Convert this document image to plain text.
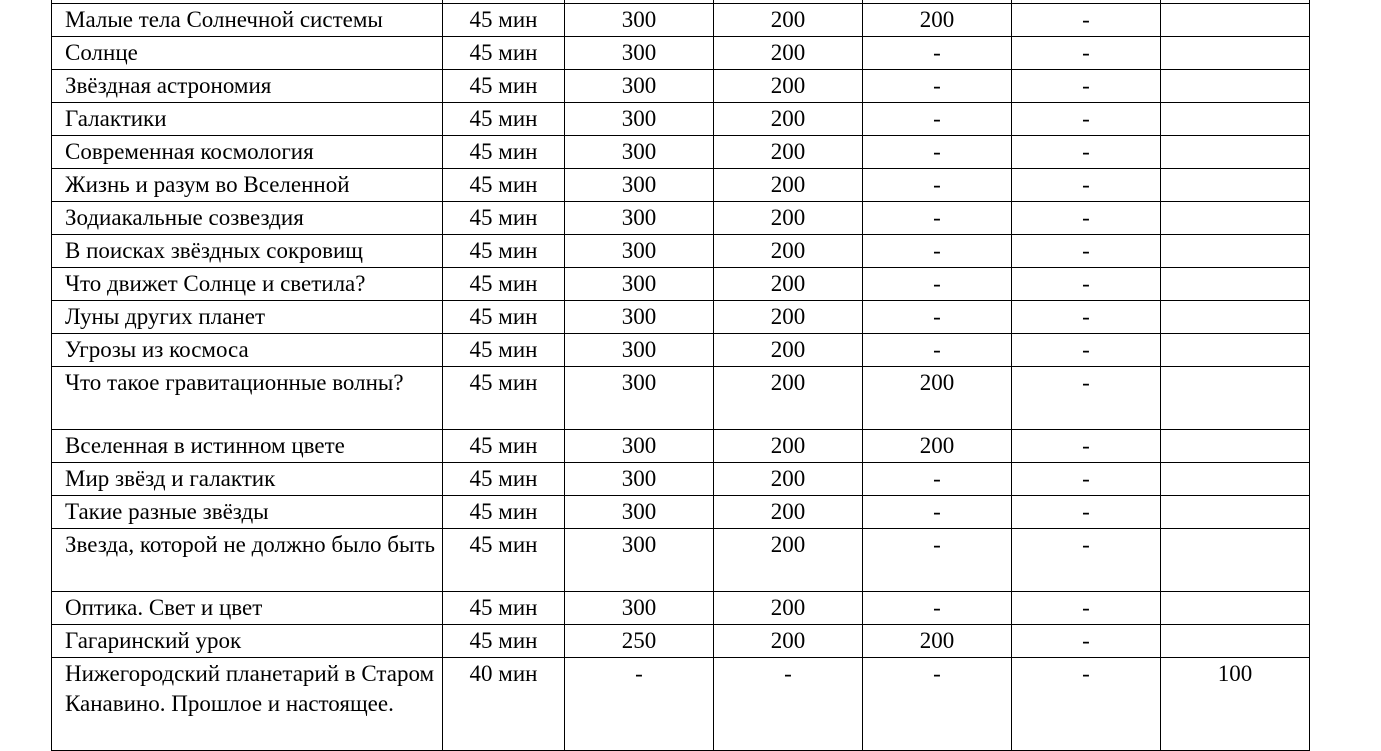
Малые тела Солнечной системы	45 мин	300	200	200	-	
Солнце	45 мин	300	200	-	-	
Звёздная астрономия	45 мин	300	200	-	-	
Галактики	45 мин	300	200	-	-	
Современная космология	45 мин	300	200	-	-	
Жизнь и разум во Вселенной	45 мин	300	200	-	-	
Зодиакальные созвездия	45 мин	300	200	-	-	
В поисках звёздных сокровищ	45 мин	300	200	-	-	
Что движет Солнце и светила?	45 мин	300	200	-	-	
Луны других планет	45 мин	300	200	-	-	
Угрозы из космоса	45 мин	300	200	-	-	
Что такое гравитационные волны?	45 мин	300	200	200	-	
Вселенная в истинном цвете	45 мин	300	200	200	-	
Мир звёзд и галактик	45 мин	300	200	-	-	
Такие разные звёзды	45 мин	300	200	-	-	
Звезда, которой не должно было быть	45 мин	300	200	-	-	
Оптика. Свет и цвет	45 мин	300	200	-	-	
Гагаринский урок	45 мин	250	200	200	-	
Нижегородский планетарий в Старом Канавино. Прошлое и настоящее.	40 мин	-	-	-	-	100
